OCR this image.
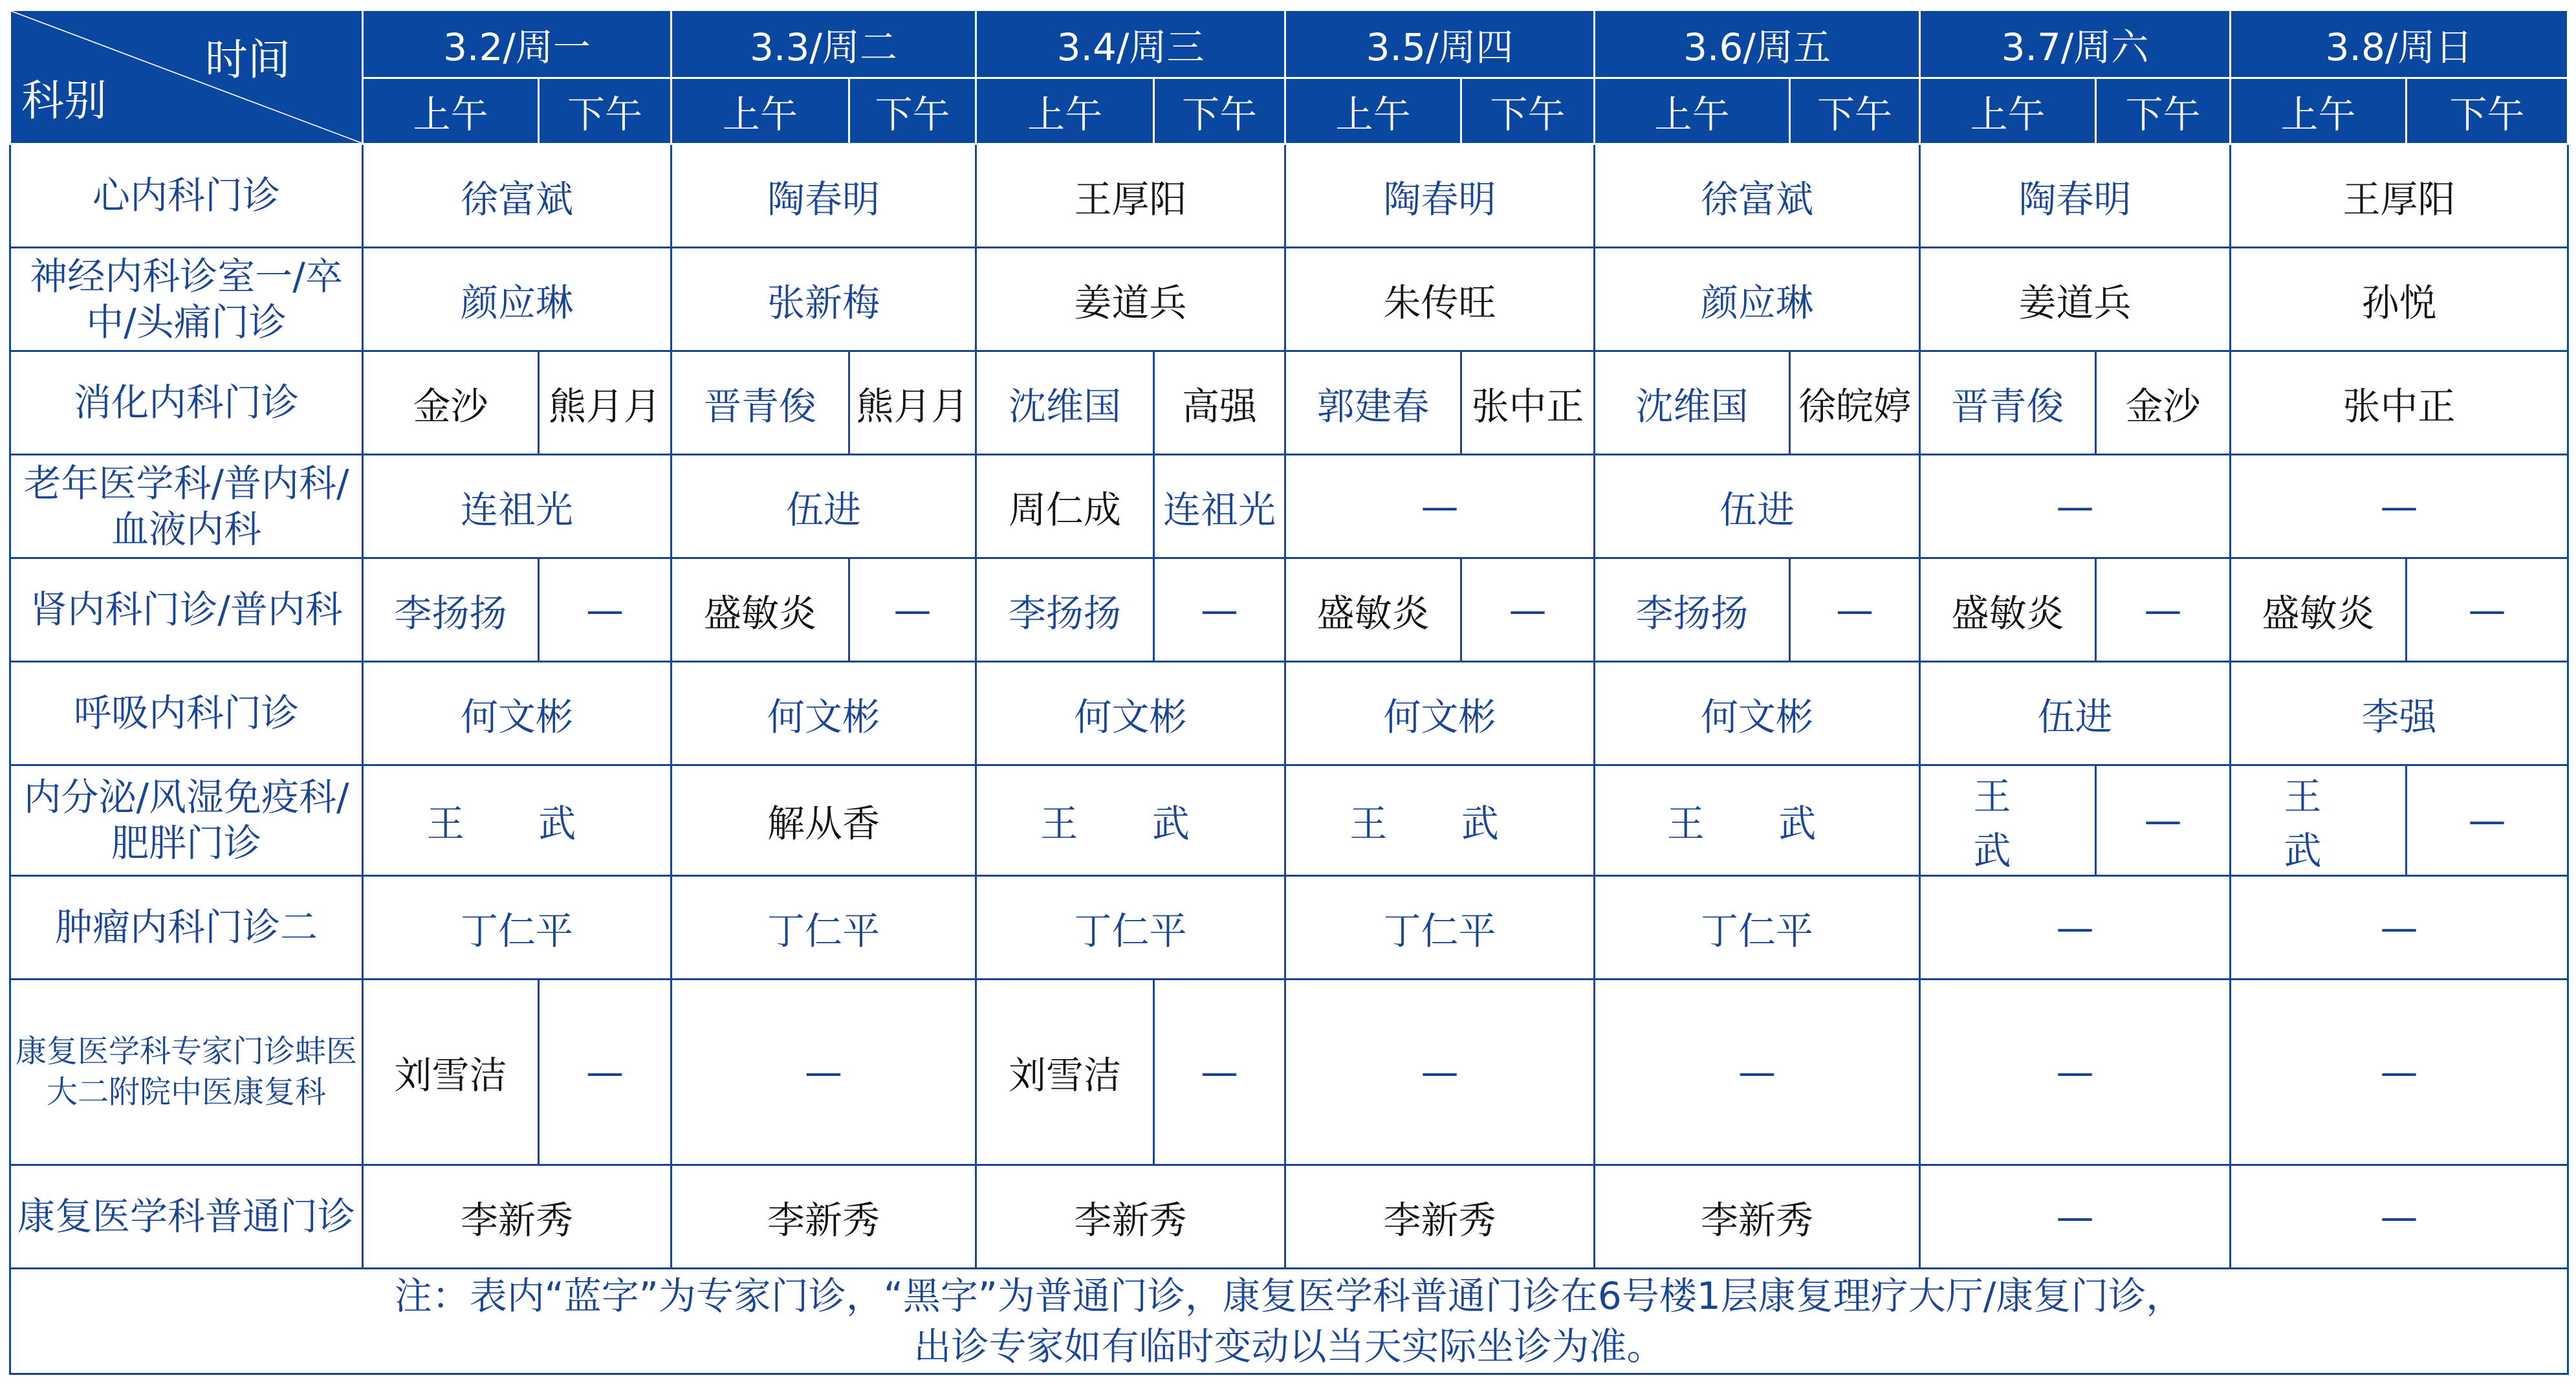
时间
科别	3.2/周一		3.3/周二		3.4/周三		3.5/周四		3.6/周五		3.7/周六		3.8/周日	
	上午	下午	上午	下午	上午	下午	上午	下午	上午	下午	上午	下午	上午	下午
心内科门诊	徐富斌		陶春明		王厚阳		陶春明		徐富斌		陶春明		王厚阳	
神经内科诊室一/卒中/头痛门诊	颜应琳		张新梅		姜道兵		朱传旺		颜应琳		姜道兵		孙悦	
消化内科门诊	金沙	熊月月	晋青俊	熊月月	沈维国	高强	郭建春	张中正	沈维国	徐皖婷	晋青俊	金沙	张中正	
老年医学科/普内科/血液内科	连祖光		伍进		周仁成	连祖光	—		伍进		—		—	
肾内科门诊/普内科	李扬扬	—	盛敏炎	—	李扬扬	—	盛敏炎	—	李扬扬	—	盛敏炎	—	盛敏炎	—
呼吸内科门诊	何文彬		何文彬		何文彬		何文彬		何文彬		伍进		李强	
内分泌/风湿免疫科/肥胖门诊	王 武		解从香		王 武		王 武		王 武		王 武	—	王 武	—
肿瘤内科门诊二	丁仁平		丁仁平		丁仁平		丁仁平		丁仁平		—		—	
康复医学科专家门诊蚌医大二附院中医康复科	刘雪洁	—	—		刘雪洁	—	—		—		—		—	
康复医学科普通门诊	李新秀		李新秀		李新秀		李新秀		李新秀		—		—	

注：表内“蓝字”为专家门诊，“黑字”为普通门诊，康复医学科普通门诊在6号楼1层康复理疗大厅/康复门诊，
出诊专家如有临时变动以当天实际坐诊为准。														
